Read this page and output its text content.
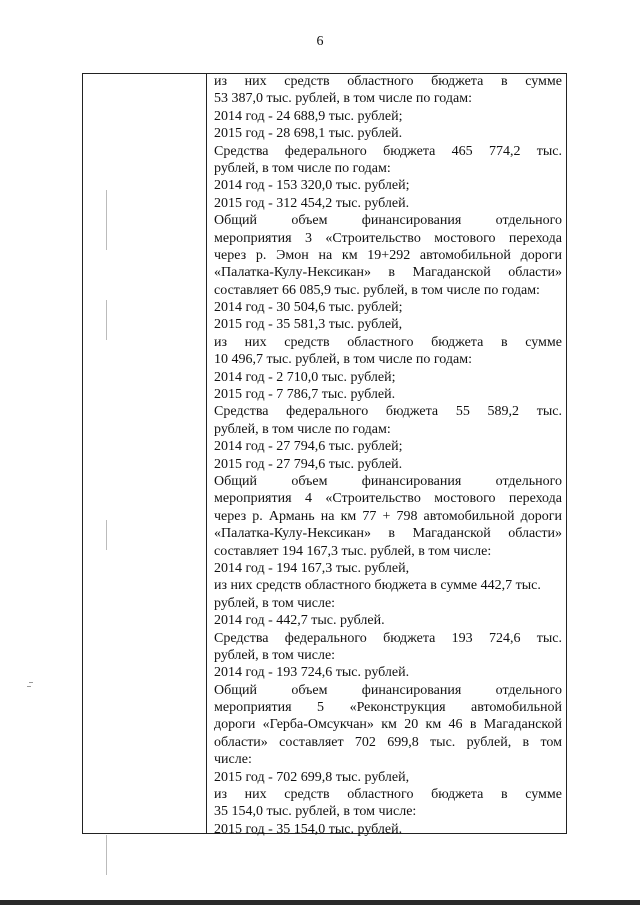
6
из них средств областного бюджета в сумме
53 387,0 тыс. рублей, в том числе по годам:
2014 год - 24 688,9 тыс. рублей;
2015 год - 28 698,1 тыс. рублей.
Средства федерального бюджета 465 774,2 тыс.
рублей, в том числе по годам:
2014 год - 153 320,0 тыс. рублей;
2015 год - 312 454,2 тыс. рублей.
Общий объем финансирования отдельного
мероприятия 3 «Строительство мостового перехода
через р. Эмон на км 19+292 автомобильной дороги
«Палатка-Кулу-Нексикан» в Магаданской области»
составляет 66 085,9 тыс. рублей, в том числе по годам:
2014 год - 30 504,6 тыс. рублей;
2015 год - 35 581,3 тыс. рублей,
из них средств областного бюджета в сумме
10 496,7 тыс. рублей, в том числе по годам:
2014 год - 2 710,0 тыс. рублей;
2015 год - 7 786,7 тыс. рублей.
Средства федерального бюджета 55 589,2 тыс.
рублей, в том числе по годам:
2014 год - 27 794,6 тыс. рублей;
2015 год - 27 794,6 тыс. рублей.
Общий объем финансирования отдельного
мероприятия 4 «Строительство мостового перехода
через р. Армань на км 77 + 798 автомобильной дороги
«Палатка-Кулу-Нексикан» в Магаданской области»
составляет 194 167,3 тыс. рублей, в том числе:
2014 год - 194 167,3 тыс. рублей,
из них средств областного бюджета в сумме 442,7 тыс.
рублей, в том числе:
2014 год - 442,7 тыс. рублей.
Средства федерального бюджета 193 724,6 тыс.
рублей, в том числе:
2014 год - 193 724,6 тыс. рублей.
Общий объем финансирования отдельного
мероприятия 5 «Реконструкция автомобильной
дороги «Герба-Омсукчан» км 20 км 46 в Магаданской
области» составляет 702 699,8 тыс. рублей, в том
числе:
2015 год - 702 699,8 тыс. рублей,
из них средств областного бюджета в сумме
35 154,0 тыс. рублей, в том числе:
2015 год - 35 154,0 тыс. рублей.
